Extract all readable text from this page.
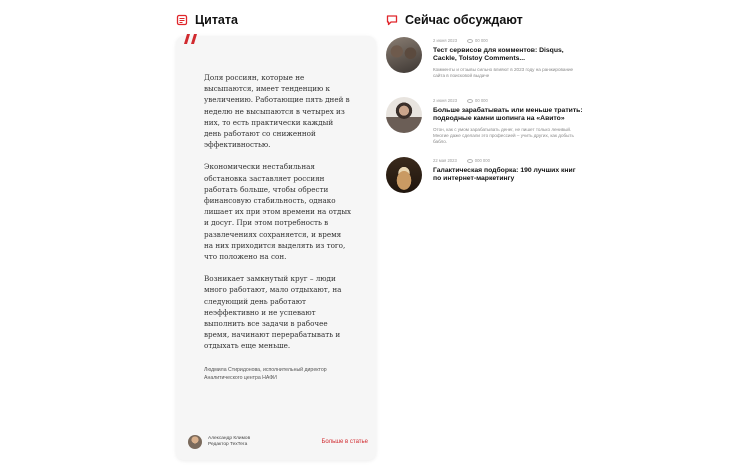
Цитата

Доля россиян, которые не высыпаются, имеет тенденцию к увеличению. Работающие пять дней в неделю не высыпаются в четырех из них, то есть практически каждый день работают со сниженной эффективностью.

Экономически нестабильная обстановка заставляет россиян работать больше, чтобы обрести финансовую стабильность, однако лишает их при этом времени на отдых и досуг. При этом потребность в развлечениях сохраняется, и время на них приходится выделять из того, что положено на сон.

Возникает замкнутый круг – люди много работают, мало отдыхают, на следующий день работают неэффективно и не успевают выполнить все задачи в рабочее время, начинают перерабатывать и отдыхать еще меньше.

Людмила Стиридонова, исполнительный директор Аналитического центра НАФИ
Александр Климов
Редактор ТехТега	Больше в статье
Сейчас обсуждают
2 июня 2023	00 000
Тест сервисов для комментов: Disqus, Cackle, Tolstoy Comments...
Комменты и отзывы сильно влияют в 2023 году на ранжирование сайта в поисковой выдаче
2 июня 2023	00 000
Больше зарабатывать или меньше тратить: подводные камни шопинга на «Авито»
Отон, как с умом зарабатывать денег, не пишет только ленивый. Многие даже сделали это профессией – учить других, как добыть бабло.
22 мая 2023	000 000
Галактическая подборка: 190 лучших книг по интернет-маркетингу
